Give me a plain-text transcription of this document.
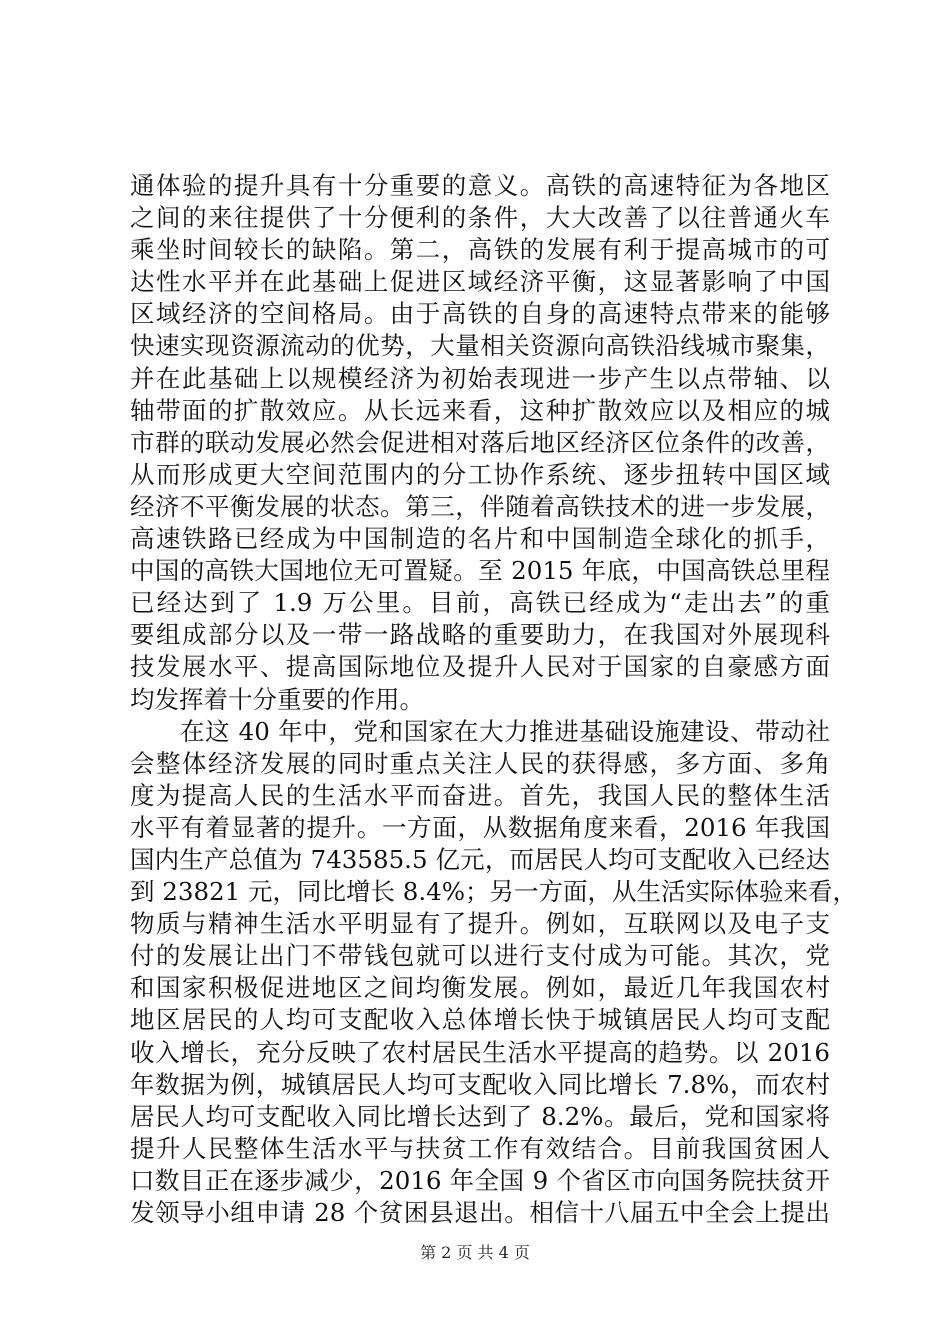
通体验的提升具有十分重要的意义。高铁的高速特征为各地区
之间的来往提供了十分便利的条件，大大改善了以往普通火车
乘坐时间较长的缺陷。第二，高铁的发展有利于提高城市的可
达性水平并在此基础上促进区域经济平衡，这显著影响了中国
区域经济的空间格局。由于高铁的自身的高速特点带来的能够
快速实现资源流动的优势，大量相关资源向高铁沿线城市聚集，
并在此基础上以规模经济为初始表现进一步产生以点带轴、以
轴带面的扩散效应。从长远来看，这种扩散效应以及相应的城
市群的联动发展必然会促进相对落后地区经济区位条件的改善，
从而形成更大空间范围内的分工协作系统、逐步扭转中国区域
经济不平衡发展的状态。第三，伴随着高铁技术的进一步发展，
高速铁路已经成为中国制造的名片和中国制造全球化的抓手，
中国的高铁大国地位无可置疑。至 2015 年底，中国高铁总里程
已经达到了 1.9 万公里。目前，高铁已经成为“走出去”的重
要组成部分以及一带一路战略的重要助力，在我国对外展现科
技发展水平、提高国际地位及提升人民对于国家的自豪感方面
均发挥着十分重要的作用。
在这 40 年中，党和国家在大力推进基础设施建设、带动社
会整体经济发展的同时重点关注人民的获得感，多方面、多角
度为提高人民的生活水平而奋进。首先，我国人民的整体生活
水平有着显著的提升。一方面，从数据角度来看，2016 年我国
国内生产总值为 743585.5 亿元，而居民人均可支配收入已经达
到 23821 元，同比增长 8.4%；另一方面，从生活实际体验来看，
物质与精神生活水平明显有了提升。例如，互联网以及电子支
付的发展让出门不带钱包就可以进行支付成为可能。其次，党
和国家积极促进地区之间均衡发展。例如，最近几年我国农村
地区居民的人均可支配收入总体增长快于城镇居民人均可支配
收入增长，充分反映了农村居民生活水平提高的趋势。以 2016
年数据为例，城镇居民人均可支配收入同比增长 7.8%，而农村
居民人均可支配收入同比增长达到了 8.2%。最后，党和国家将
提升人民整体生活水平与扶贫工作有效结合。目前我国贫困人
口数目正在逐步减少，2016 年全国 9 个省区市向国务院扶贫开
发领导小组申请 28 个贫困县退出。相信十八届五中全会上提出
第 2 页 共 4 页
